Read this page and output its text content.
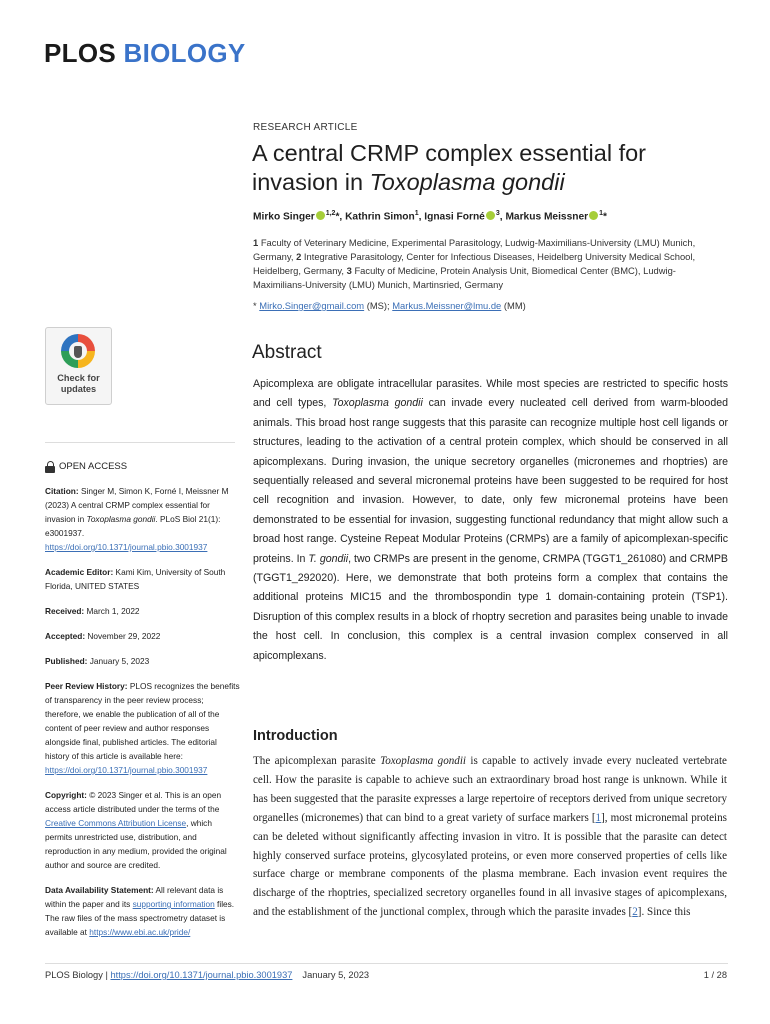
PLOS BIOLOGY
RESEARCH ARTICLE
A central CRMP complex essential for invasion in Toxoplasma gondii
Mirko Singer $^{1,2}$*, Kathrin Simon$^1$, Ignasi Forné $^3$, Markus Meissner $^1$*
1 Faculty of Veterinary Medicine, Experimental Parasitology, Ludwig-Maximilians-University (LMU) Munich, Germany, 2 Integrative Parasitology, Center for Infectious Diseases, Heidelberg University Medical School, Heidelberg, Germany, 3 Faculty of Medicine, Protein Analysis Unit, Biomedical Center (BMC), Ludwig-Maximilians-University (LMU) Munich, Martinsried, Germany
* Mirko.Singer@gmail.com (MS); Markus.Meissner@lmu.de (MM)
Check for
updates
OPEN ACCESS
Citation: Singer M, Simon K, Forné I, Meissner M (2023) A central CRMP complex essential for invasion in Toxoplasma gondii. PLoS Biol 21(1): e3001937. https://doi.org/10.1371/journal.pbio.3001937
Academic Editor: Kami Kim, University of South Florida, UNITED STATES
Received: March 1, 2022
Accepted: November 29, 2022
Published: January 5, 2023
Peer Review History: PLOS recognizes the benefits of transparency in the peer review process; therefore, we enable the publication of all of the content of peer review and author responses alongside final, published articles. The editorial history of this article is available here: https://doi.org/10.1371/journal.pbio.3001937
Copyright: © 2023 Singer et al. This is an open access article distributed under the terms of the Creative Commons Attribution License, which permits unrestricted use, distribution, and reproduction in any medium, provided the original author and source are credited.
Data Availability Statement: All relevant data is within the paper and its supporting information files. The raw files of the mass spectrometry dataset is available at https://www.ebi.ac.uk/pride/
Abstract
Apicomplexa are obligate intracellular parasites. While most species are restricted to specific hosts and cell types, Toxoplasma gondii can invade every nucleated cell derived from warm-blooded animals. This broad host range suggests that this parasite can recognize multiple host cell ligands or structures, leading to the activation of a central protein complex, which should be conserved in all apicomplexans. During invasion, the unique secretory organelles (micronemes and rhoptries) are sequentially released and several micronemal proteins have been suggested to be required for host cell recognition and invasion. However, to date, only few micronemal proteins have been demonstrated to be essential for invasion, suggesting functional redundancy that might allow such a broad host range. Cysteine Repeat Modular Proteins (CRMPs) are a family of apicomplexan-specific proteins. In T. gondii, two CRMPs are present in the genome, CRMPA (TGGT1_261080) and CRMPB (TGGT1_292020). Here, we demonstrate that both proteins form a complex that contains the additional proteins MIC15 and the thrombospondin type 1 domain-containing protein (TSP1). Disruption of this complex results in a block of rhoptry secretion and parasites being unable to invade the host cell. In conclusion, this complex is a central invasion complex conserved in all apicomplexans.
Introduction
The apicomplexan parasite Toxoplasma gondii is capable to actively invade every nucleated vertebrate cell. How the parasite is capable to achieve such an extraordinary broad host range is unknown. While it has been suggested that the parasite expresses a large repertoire of receptors derived from unique secretory organelles (micronemes) that can bind to a great variety of surface markers [1], most micronemal proteins can be deleted without significantly affecting invasion in vitro. It is possible that the parasite can detect highly conserved surface proteins, glycosylated proteins, or even more conserved properties of cells like surface charge or membrane components of the plasma membrane. Each invasion event requires the discharge of the rhoptries, specialized secretory organelles found in all invasive stages of apicomplexans, and the establishment of the junctional complex, through which the parasite invades [2]. Since this
PLOS Biology | https://doi.org/10.1371/journal.pbio.3001937 January 5, 2023	1 / 28
